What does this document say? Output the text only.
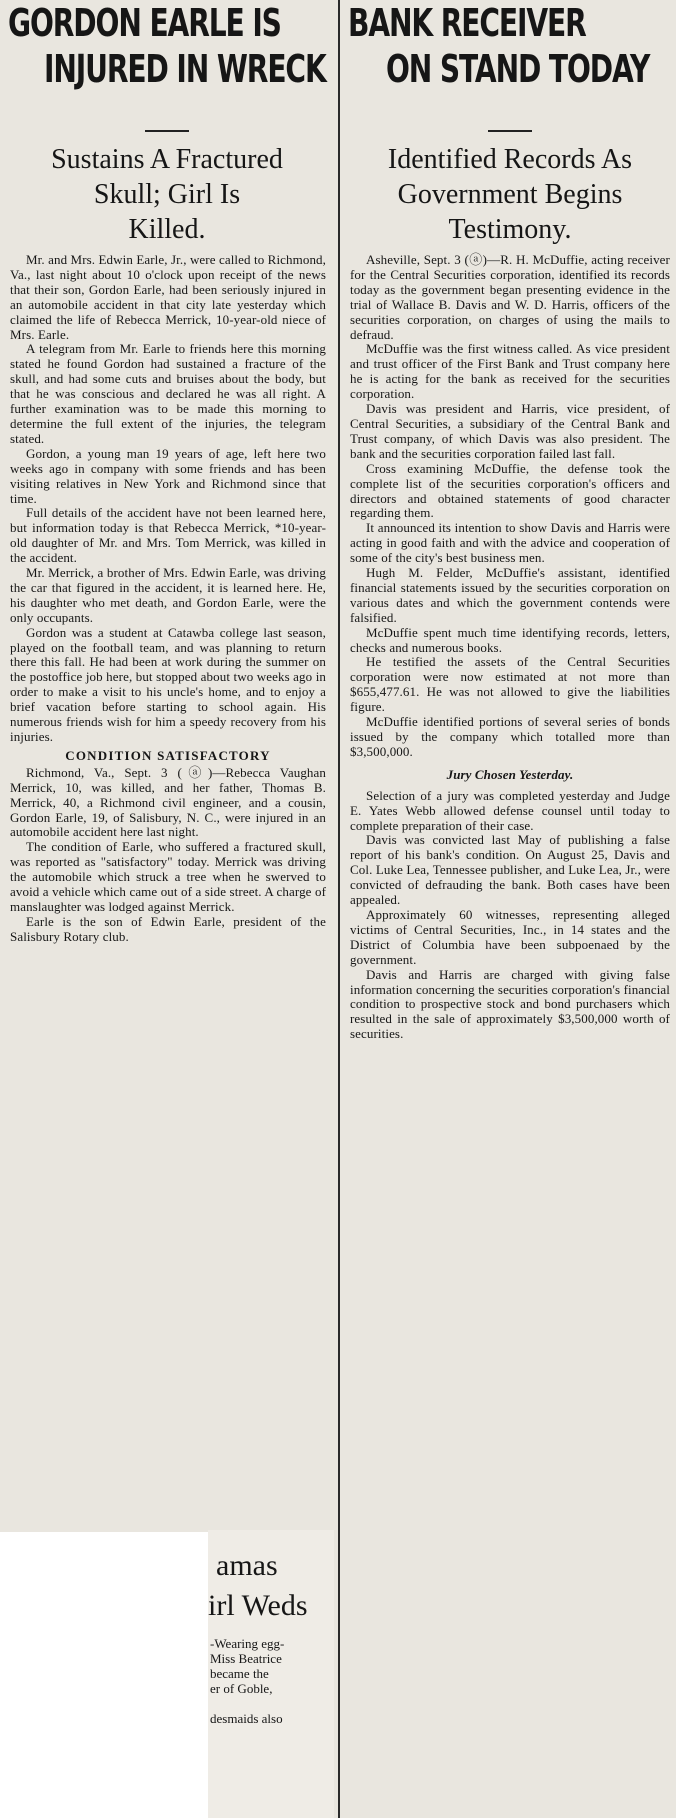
GORDON EARLE IS
INJURED IN WRECK
Sustains A Fractured
Skull; Girl Is
Killed.

Mr. and Mrs. Edwin Earle, Jr., were called to Richmond, Va., last night about 10 o'clock upon receipt of the news that their son, Gordon Earle, had been seriously injured in an automobile accident in that city late yesterday which claimed the life of Rebecca Merrick, 10-year-old niece of Mrs. Earle.

A telegram from Mr. Earle to friends here this morning stated he found Gordon had sustained a fracture of the skull, and had some cuts and bruises about the body, but that he was conscious and declared he was all right. A further examination was to be made this morning to determine the full extent of the injuries, the telegram stated.

Gordon, a young man 19 years of age, left here two weeks ago in company with some friends and has been visiting relatives in New York and Richmond since that time.

Full details of the accident have not been learned here, but information today is that Rebecca Merrick, *10-year-old daughter of Mr. and Mrs. Tom Merrick, was killed in the accident.

Mr. Merrick, a brother of Mrs. Edwin Earle, was driving the car that figured in the accident, it is learned here. He, his daughter who met death, and Gordon Earle, were the only occupants.

Gordon was a student at Catawba college last season, played on the football team, and was planning to return there this fall. He had been at work during the summer on the postoffice job here, but stopped about two weeks ago in order to make a visit to his uncle's home, and to enjoy a brief vacation before starting to school again. His numerous friends wish for him a speedy recovery from his injuries.

CONDITION SATISFACTORY

Richmond, Va., Sept. 3 (ⓐ)—Rebecca Vaughan Merrick, 10, was killed, and her father, Thomas B. Merrick, 40, a Richmond civil engineer, and a cousin, Gordon Earle, 19, of Salisbury, N. C., were injured in an automobile accident here last night.

The condition of Earle, who suffered a fractured skull, was reported as "satisfactory" today. Merrick was driving the automobile which struck a tree when he swerved to avoid a vehicle which came out of a side street. A charge of manslaughter was lodged against Merrick.

Earle is the son of Edwin Earle, president of the Salisbury Rotary club.

amas
irl Weds
-Wearing egg-
Miss Beatrice
became the
er of Goble,
desmaids also
BANK RECEIVER
ON STAND TODAY
Identified Records As
Government Begins
Testimony.

Asheville, Sept. 3 (ⓐ)—R. H. McDuffie, acting receiver for the Central Securities corporation, identified its records today as the government began presenting evidence in the trial of Wallace B. Davis and W. D. Harris, officers of the securities corporation, on charges of using the mails to defraud.

McDuffie was the first witness called. As vice president and trust officer of the First Bank and Trust company here he is acting for the bank as received for the securities corporation.

Davis was president and Harris, vice president, of Central Securities, a subsidiary of the Central Bank and Trust company, of which Davis was also president. The bank and the securities corporation failed last fall.

Cross examining McDuffie, the defense took the complete list of the securities corporation's officers and directors and obtained statements of good character regarding them.

It announced its intention to show Davis and Harris were acting in good faith and with the advice and cooperation of some of the city's best business men.

Hugh M. Felder, McDuffie's assistant, identified financial statements issued by the securities corporation on various dates and which the government contends were falsified.

McDuffie spent much time identifying records, letters, checks and numerous books.

He testified the assets of the Central Securities corporation were now estimated at not more than $655,477.61. He was not allowed to give the liabilities figure.

McDuffie identified portions of several series of bonds issued by the company which totalled more than $3,500,000.

Jury Chosen Yesterday.

Selection of a jury was completed yesterday and Judge E. Yates Webb allowed defense counsel until today to complete preparation of their case.

Davis was convicted last May of publishing a false report of his bank's condition. On August 25, Davis and Col. Luke Lea, Tennessee publisher, and Luke Lea, Jr., were convicted of defrauding the bank. Both cases have been appealed.

Approximately 60 witnesses, representing alleged victims of Central Securities, Inc., in 14 states and the District of Columbia have been subpoenaed by the government.

Davis and Harris are charged with giving false information concerning the securities corporation's financial condition to prospective stock and bond purchasers which resulted in the sale of approximately $3,500,000 worth of securities.
